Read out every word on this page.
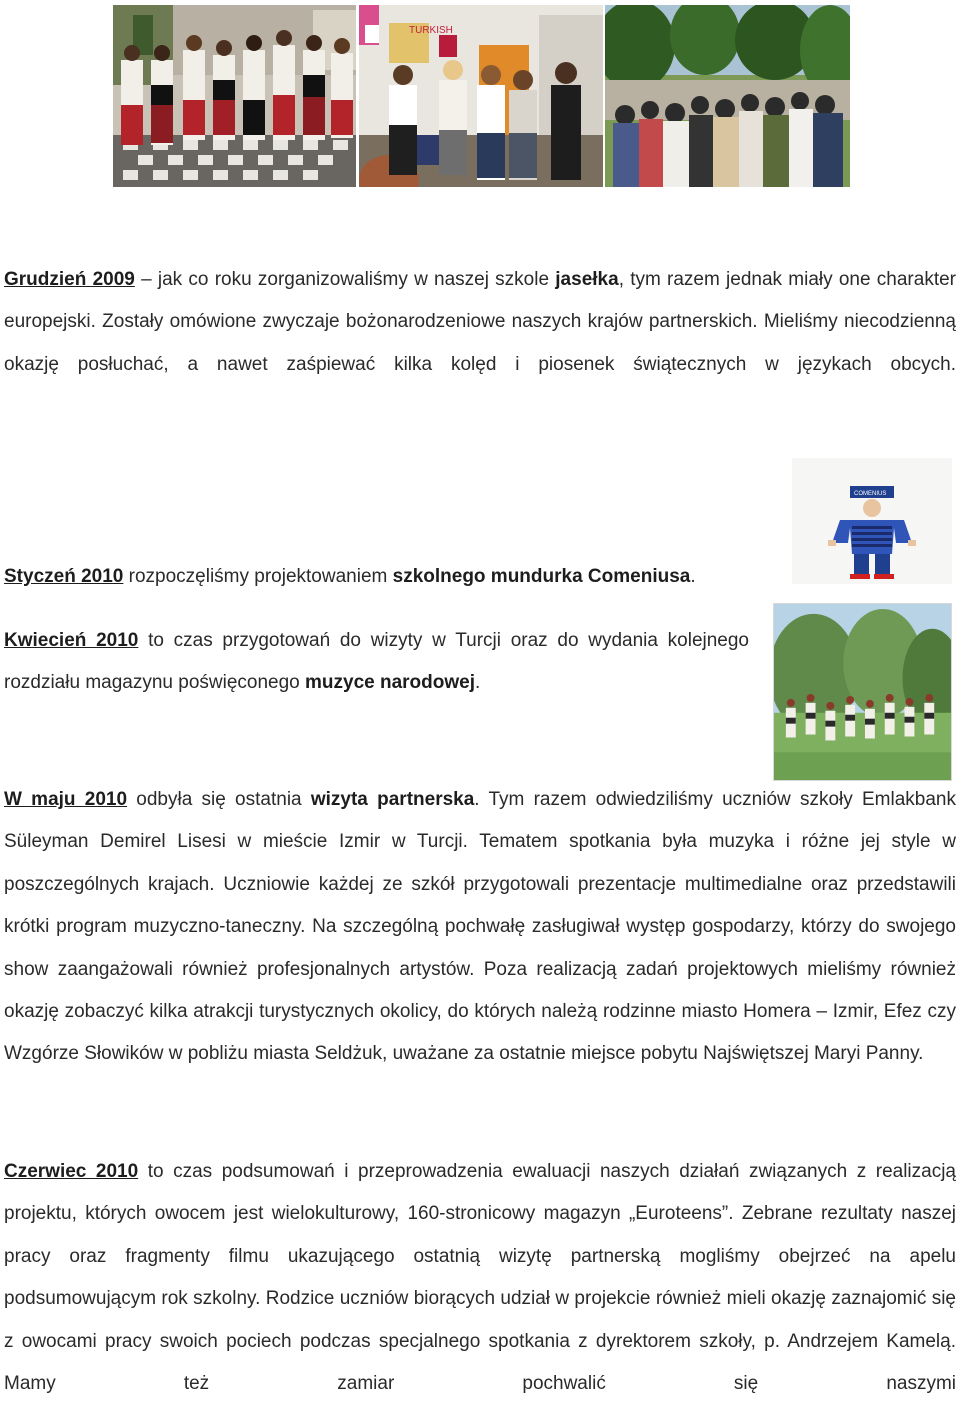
TURKISH
COMENIUS
Grudzień 2009 – jak co roku zorganizowaliśmy w naszej szkole jasełka, tym razem jednak miały one charakter europejski. Zostały omówione zwyczaje bożonarodzeniowe naszych krajów partnerskich. Mieliśmy niecodzienną okazję posłuchać, a nawet zaśpiewać kilka kolęd i piosenek świątecznych w językach obcych.
Styczeń 2010 rozpoczęliśmy projektowaniem szkolnego mundurka Comeniusa.
Kwiecień 2010 to czas przygotowań do wizyty w Turcji oraz do wydania kolejnego rozdziału magazynu poświęconego muzyce narodowej.
W maju 2010 odbyła się ostatnia wizyta partnerska. Tym razem odwiedziliśmy uczniów szkoły Emlakbank Süleyman Demirel Lisesi w mieście Izmir w Turcji. Tematem spotkania była muzyka i różne jej style w poszczególnych krajach. Uczniowie każdej ze szkół przygotowali prezentacje multimedialne oraz przedstawili krótki program muzyczno-taneczny. Na szczególną pochwałę zasługiwał występ gospodarzy, którzy do swojego show zaangażowali również profesjonalnych artystów. Poza realizacją zadań projektowych mieliśmy również okazję zobaczyć kilka atrakcji turystycznych okolicy, do których należą rodzinne miasto Homera – Izmir, Efez czy Wzgórze Słowików w pobliżu miasta Seldżuk, uważane za ostatnie miejsce pobytu Najświętszej Maryi Panny.
Czerwiec 2010 to czas podsumowań i przeprowadzenia ewaluacji naszych działań związanych z realizacją projektu, których owocem jest wielokulturowy, 160-stronicowy magazyn „Euroteens”. Zebrane rezultaty naszej pracy oraz fragmenty filmu ukazującego ostatnią wizytę partnerską mogliśmy obejrzeć na apelu podsumowującym rok szkolny. Rodzice uczniów biorących udział w projekcie również mieli okazję zaznajomić się z owocami pracy swoich pociech podczas specjalnego spotkania z dyrektorem szkoły, p. Andrzejem Kamelą. Mamy też zamiar pochwalić się naszymi
